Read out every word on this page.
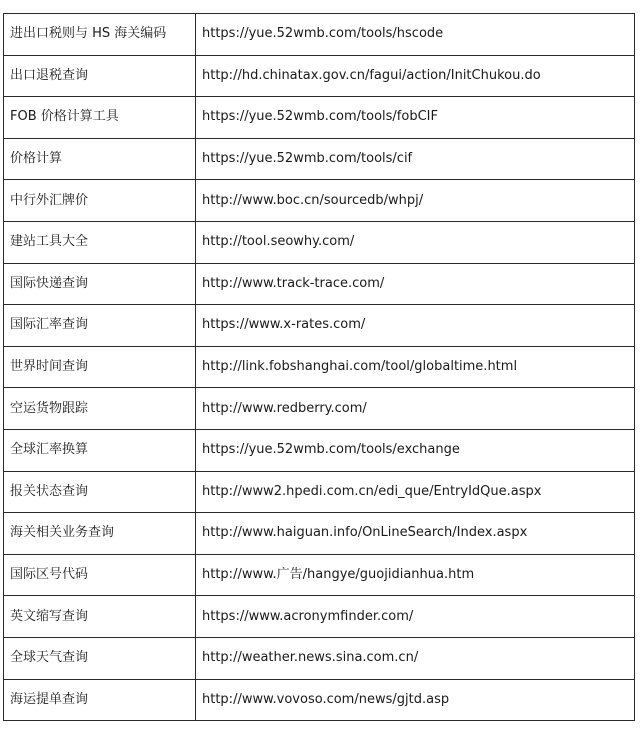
进出口税则与 HS 海关编码	https://yue.52wmb.com/tools/hscode
出口退税查询	http://hd.chinatax.gov.cn/fagui/action/InitChukou.do
FOB 价格计算工具	https://yue.52wmb.com/tools/fobCIF
价格计算	https://yue.52wmb.com/tools/cif
中行外汇牌价	http://www.boc.cn/sourcedb/whpj/
建站工具大全	http://tool.seowhy.com/
国际快递查询	http://www.track-trace.com/
国际汇率查询	https://www.x-rates.com/
世界时间查询	http://link.fobshanghai.com/tool/globaltime.html
空运货物跟踪	http://www.redberry.com/
全球汇率换算	https://yue.52wmb.com/tools/exchange
报关状态查询	http://www2.hpedi.com.cn/edi_que/EntryIdQue.aspx
海关相关业务查询	http://www.haiguan.info/OnLineSearch/Index.aspx
国际区号代码	http://www.广告/hangye/guojidianhua.htm
英文缩写查询	https://www.acronymfinder.com/
全球天气查询	http://weather.news.sina.com.cn/
海运提单查询	http://www.vovoso.com/news/gjtd.asp
